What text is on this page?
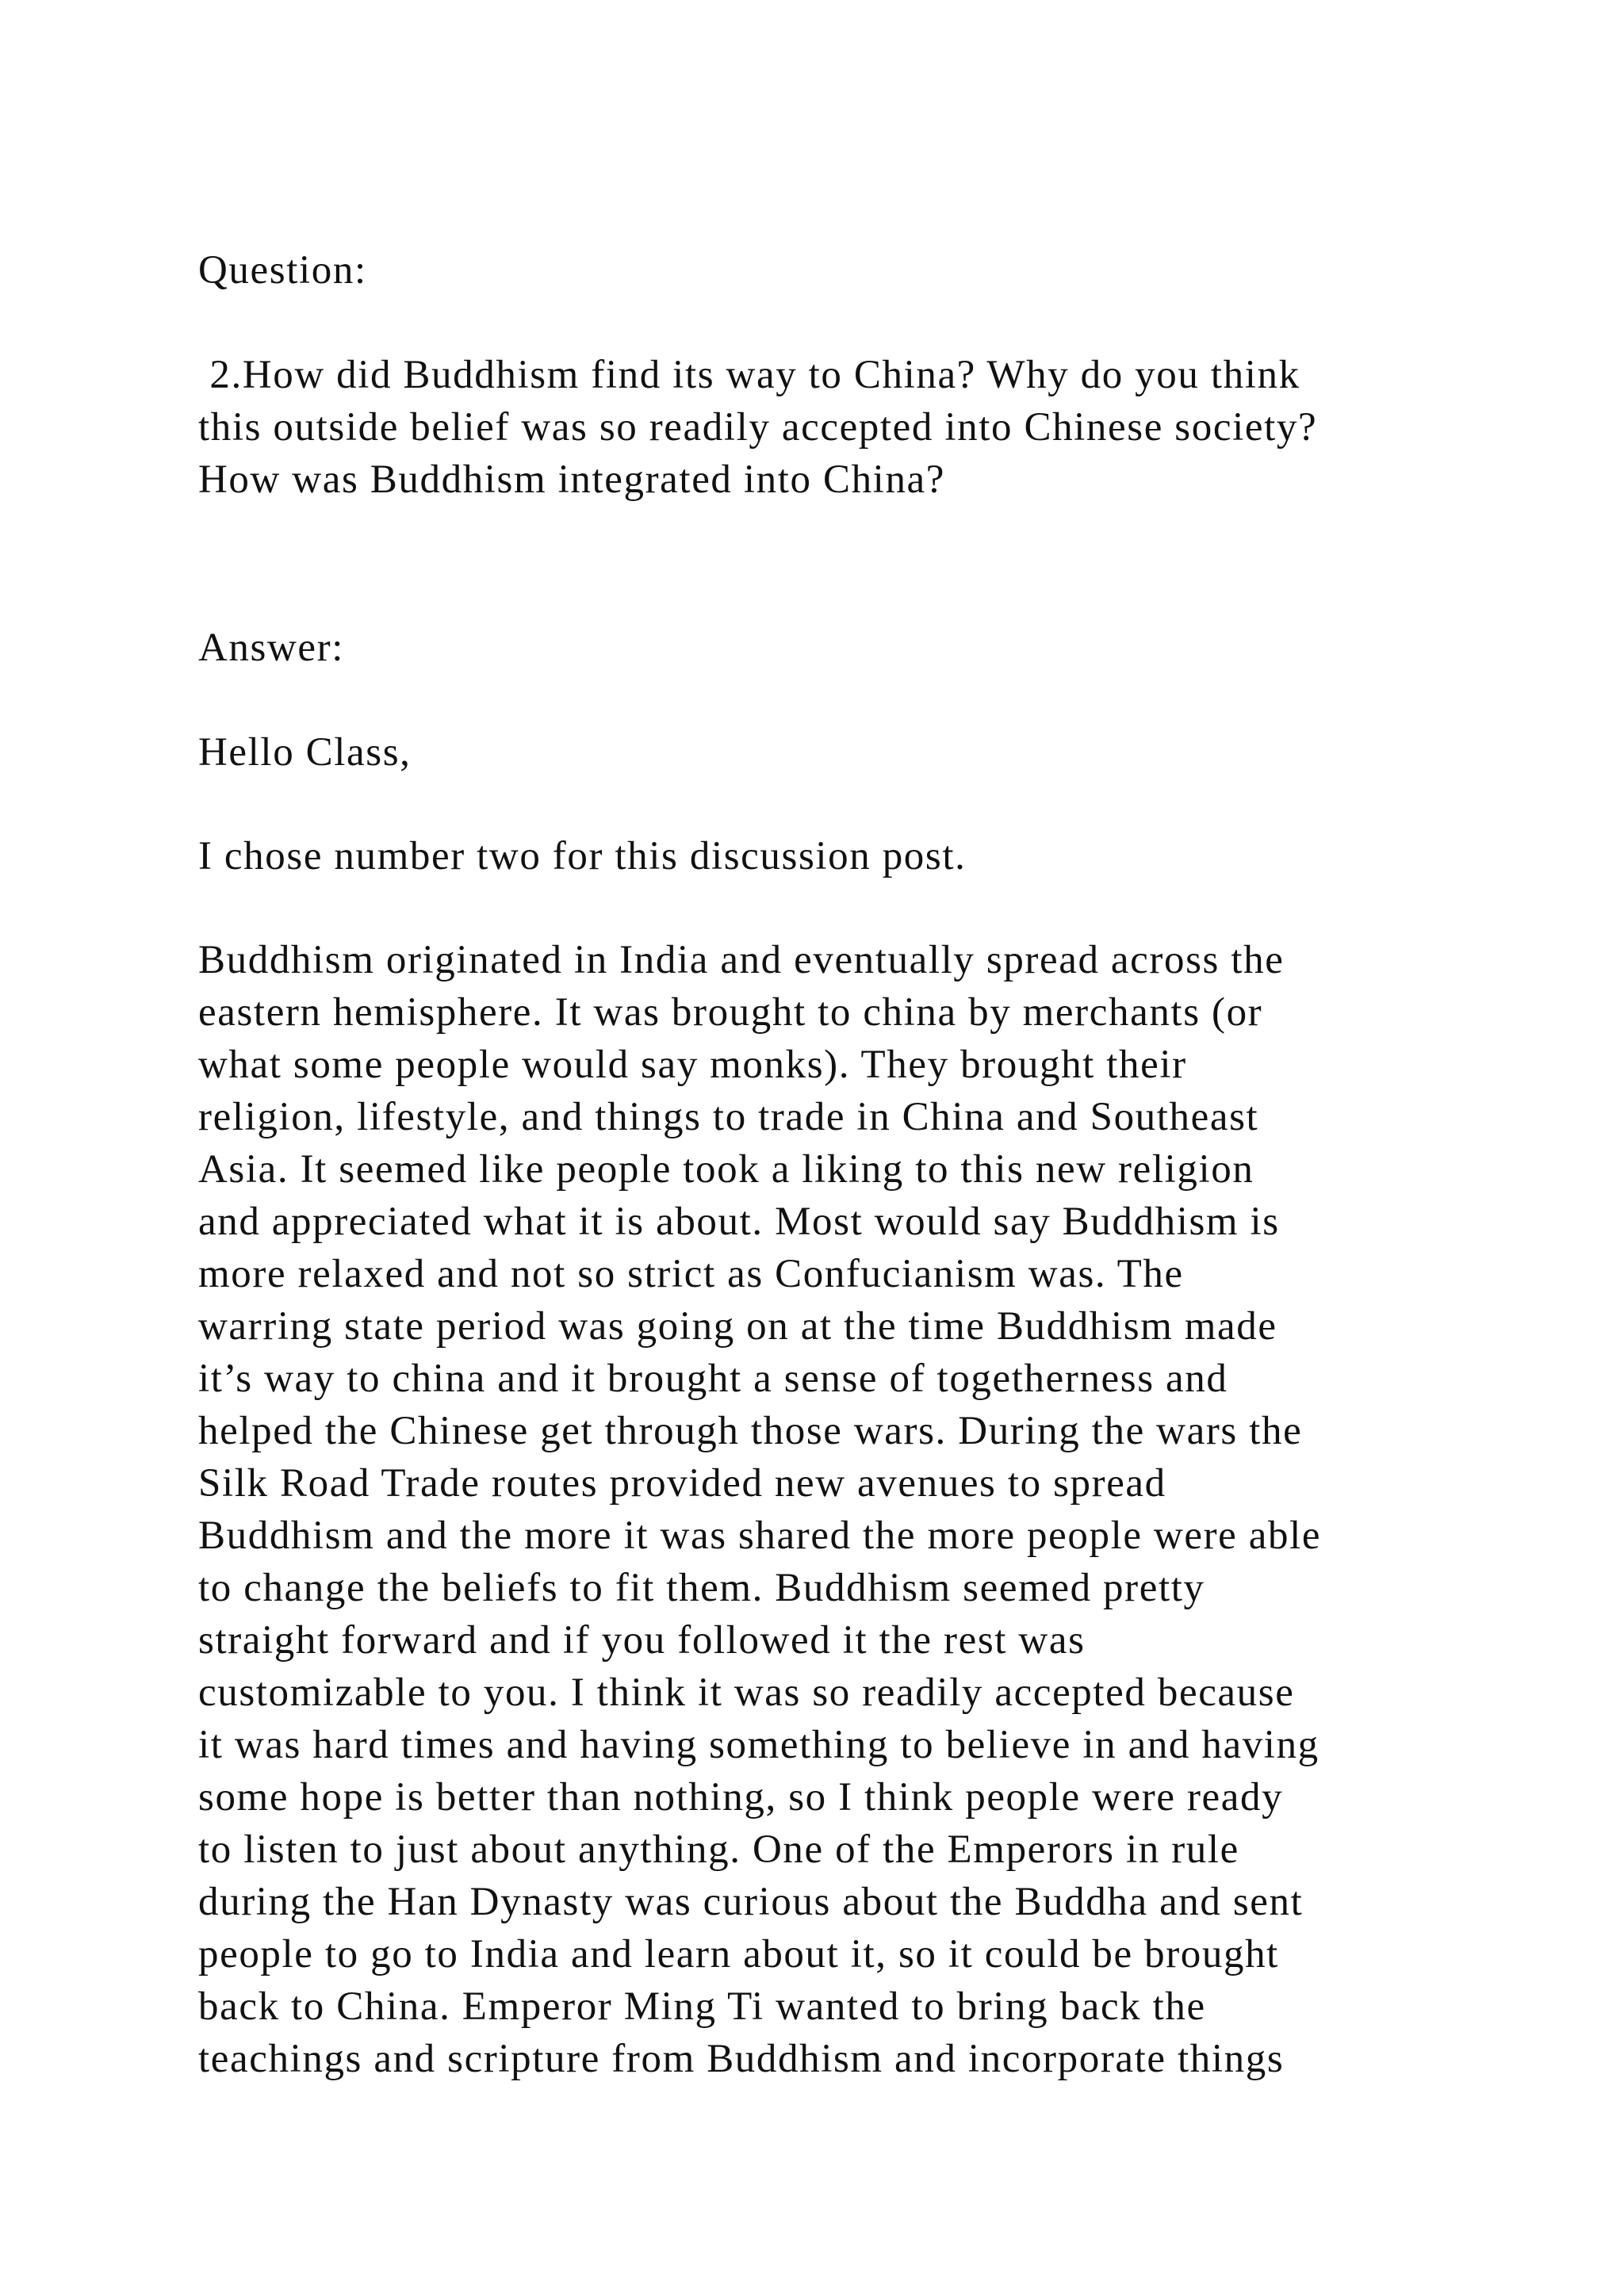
Question:

2.How did Buddhism find its way to China? Why do you think

this outside belief was so readily accepted into Chinese society?

How was Buddhism integrated into China?

Answer:

Hello Class,

I chose number two for this discussion post.

Buddhism originated in India and eventually spread across the

eastern hemisphere. It was brought to china by merchants (or

what some people would say monks). They brought their

religion, lifestyle, and things to trade in China and Southeast

Asia. It seemed like people took a liking to this new religion

and appreciated what it is about. Most would say Buddhism is

more relaxed and not so strict as Confucianism was. The

warring state period was going on at the time Buddhism made

it’s way to china and it brought a sense of togetherness and

helped the Chinese get through those wars. During the wars the

Silk Road Trade routes provided new avenues to spread

Buddhism and the more it was shared the more people were able

to change the beliefs to fit them. Buddhism seemed pretty

straight forward and if you followed it the rest was

customizable to you. I think it was so readily accepted because

it was hard times and having something to believe in and having

some hope is better than nothing, so I think people were ready

to listen to just about anything. One of the Emperors in rule

during the Han Dynasty was curious about the Buddha and sent

people to go to India and learn about it, so it could be brought

back to China. Emperor Ming Ti wanted to bring back the

teachings and scripture from Buddhism and incorporate things
